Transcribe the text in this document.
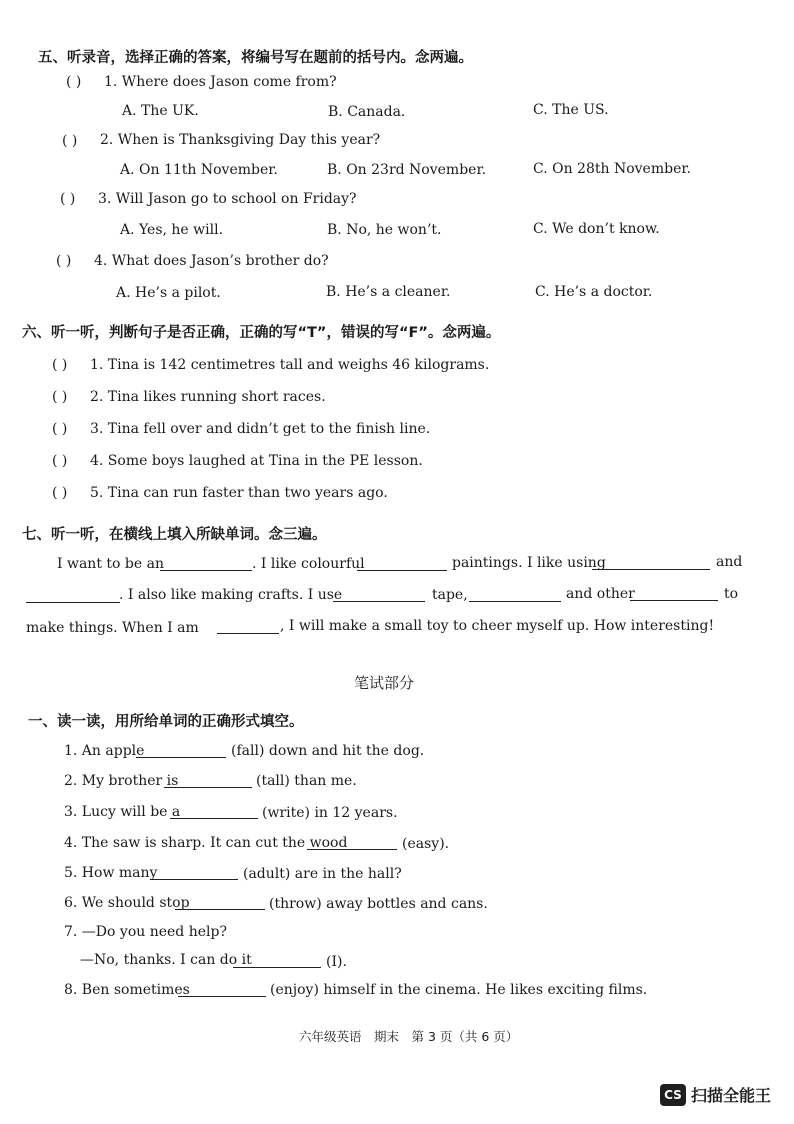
五、听录音，选择正确的答案，将编号写在题前的括号内。念两遍。
( ) 1. Where does Jason come from?
A. The UK.	B. Canada.	C. The US.
( ) 2. When is Thanksgiving Day this year?
A. On 11th November.	B. On 23rd November.	C. On 28th November.
( ) 3. Will Jason go to school on Friday?
A. Yes, he will.	B. No, he won’t.	C. We don’t know.
( ) 4. What does Jason’s brother do?
A. He’s a pilot.	B. He’s a cleaner.	C. He’s a doctor.
六、听一听，判断句子是否正确，正确的写“T”，错误的写“F”。念两遍。
( ) 1. Tina is 142 centimetres tall and weighs 46 kilograms.
( ) 2. Tina likes running short races.
( ) 3. Tina fell over and didn’t get to the finish line.
( ) 4. Some boys laughed at Tina in the PE lesson.
( ) 5. Tina can run faster than two years ago.
七、听一听，在横线上填入所缺单词。念三遍。
I want to be an	. I like colourful	paintings. I like using	and
. I also like making crafts. I use	tape,	and other	to
make things. When I am	, I will make a small toy to cheer myself up. How interesting!
笔试部分
一、读一读，用所给单词的正确形式填空。
1. An apple	(fall) down and hit the dog.
2. My brother is	(tall) than me.
3. Lucy will be a	(write) in 12 years.
4. The saw is sharp. It can cut the wood	(easy).
5. How many	(adult) are in the hall?
6. We should stop	(throw) away bottles and cans.
7. —Do you need help?
—No, thanks. I can do it	(I).
8. Ben sometimes	(enjoy) himself in the cinema. He likes exciting films.
六年级英语　期末　第 3 页（共 6 页）
CS 扫描全能王
